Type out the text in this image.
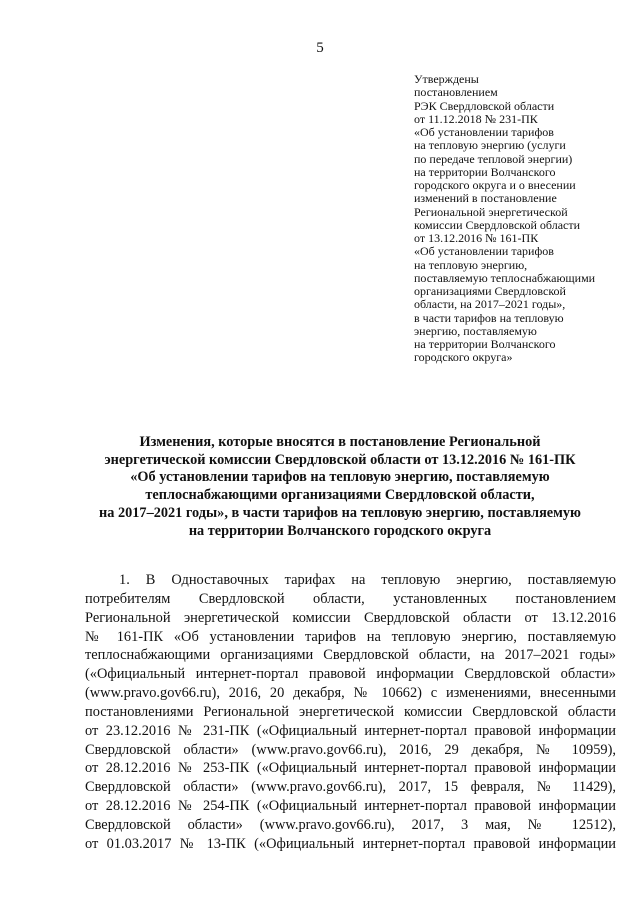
5
Утверждены
постановлением
РЭК Свердловской области
от 11.12.2018 № 231-ПК
«Об установлении тарифов
на тепловую энергию (услуги
по передаче тепловой энергии)
на территории Волчанского
городского округа и о внесении
изменений в постановление
Региональной энергетической
комиссии Свердловской области
от 13.12.2016 № 161-ПК
«Об установлении тарифов
на тепловую энергию,
поставляемую теплоснабжающими
организациями Свердловской
области, на 2017–2021 годы»,
в части тарифов на тепловую
энергию, поставляемую
на территории Волчанского
городского округа»
Изменения, которые вносятся в постановление Региональной
энергетической комиссии Свердловской области от 13.12.2016 № 161-ПК
«Об установлении тарифов на тепловую энергию, поставляемую
теплоснабжающими организациями Свердловской области,
на 2017–2021 годы», в части тарифов на тепловую энергию, поставляемую
на территории Волчанского городского округа
1. В Одноставочных тарифах на тепловую энергию, поставляемую
потребителям Свердловской области, установленных постановлением
Региональной энергетической комиссии Свердловской области от 13.12.2016
№ 161-ПК «Об установлении тарифов на тепловую энергию, поставляемую
теплоснабжающими организациями Свердловской области, на 2017–2021 годы»
(«Официальный интернет-портал правовой информации Свердловской области»
(www.pravo.gov66.ru), 2016, 20 декабря, № 10662) с изменениями, внесенными
постановлениями Региональной энергетической комиссии Свердловской области
от 23.12.2016 № 231-ПК («Официальный интернет-портал правовой информации
Свердловской области» (www.pravo.gov66.ru), 2016, 29 декабря, № 10959),
от 28.12.2016 № 253-ПК («Официальный интернет-портал правовой информации
Свердловской области» (www.pravo.gov66.ru), 2017, 15 февраля, № 11429),
от 28.12.2016 № 254-ПК («Официальный интернет-портал правовой информации
Свердловской области» (www.pravo.gov66.ru), 2017, 3 мая, № 12512),
от 01.03.2017 № 13-ПК («Официальный интернет-портал правовой информации
